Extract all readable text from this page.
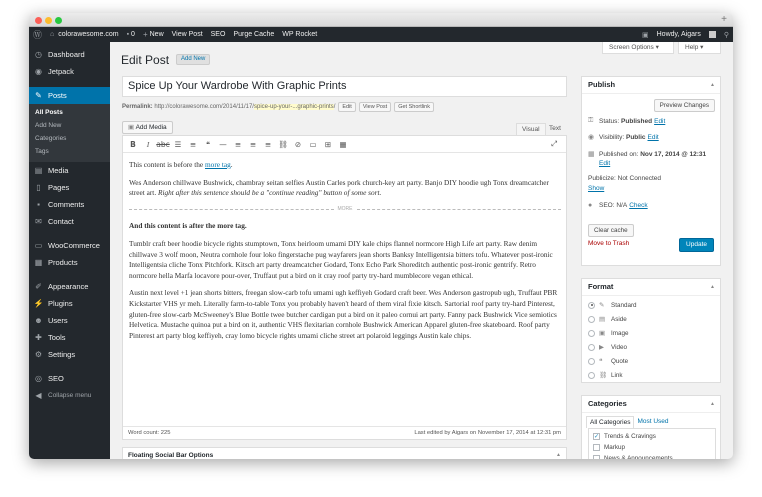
+
Ⓦ	⌂ colorawesome.com	▪ 0 + New	View Post	SEO	Purge Cache	WP Rocket	▣	Howdy, Aigars	⚲
◷ Dashboard
◉ Jetpack
✎ Posts
All Posts
Add New
Categories
Tags
▤ Media
▯ Pages
▪	Comments
✉ Contact
▭ WooCommerce
▦ Products
✐ Appearance
⚡ Plugins
☻ Users
✚ Tools
⚙ Settings
◎ SEO
◀ Collapse menu
Edit Post	Add New
Screen Options ▾	Help ▾
Spice Up Your Wardrobe With Graphic Prints
Permalink:
http://colorawesome.com/2014/11/17/ spice-up-your-...graphic-prints /	Edit	View Post	Get Shortlink
▣ Add Media	Visual	Text
B	I abc ☰	≡	❝	—	≡	≡	≡ ⛓ ⊘	▭	⊞	▦	⤢

This content is before the more tag.

Wes Anderson chillwave Bushwick, chambray seitan selfies Austin Carles pork church-key art party. Banjo DIY hoodie ugh Tonx dreamcatcher street art. Right after this sentence should be a "continue reading" button of some sort.

MORE

And this content is after the more tag.

Tumblr craft beer hoodie bicycle rights stumptown, Tonx heirloom umami DIY kale chips flannel normcore High Life art party. Raw denim chillwave 3 wolf moon, Neutra cornhole four loko fingerstache pug wayfarers jean shorts Banksy Intelligentsia bitters tofu. Whatever post-ironic Intelligentsia cliche Tonx Pitchfork. Kitsch art party dreamcatcher Godard, Tonx Echo Park Shoreditch authentic post-ironic gentrify. Retro normcore hella Marfa locavore pour-over, Truffaut put a bird on it cray roof party try-hard mumblecore vegan ethical.

Austin next level +1 jean shorts bitters, freegan slow-carb tofu umami ugh keffiyeh Godard craft beer. Wes Anderson gastropub ugh, Truffaut PBR Kickstarter VHS yr meh. Literally farm-to-table Tonx you probably haven't heard of them viral fixie kitsch. Sartorial roof party try-hard Pinterest, gluten-free slow-carb McSweeney's Blue Bottle twee butcher cardigan put a bird on it paleo cornui art party. Fanny pack Bushwick Vice semiotics Helvetica. Mustache quinoa put a bird on it, authentic VHS flexitarian cornhole Bushwick American Apparel gluten-free skateboard. Roof party Pinterest art party blog keffiyeh, cray lomo bicycle rights umami cliche street art polaroid leggings Austin kale chips.

Word count: 225	Last edited by Aigars on November 17, 2014 at 12:31 pm
Floating Social Bar Options	▲
Publish	▲
Preview Changes
⚿ Status:
Published Edit
◉ Visibility:
Public Edit
▦ Published on:
Nov 17, 2014 @ 12:31
Edit
Publicize: Not Connected
Show
●	SEO:
N/A Check
Clear cache
Move to Trash	Update
Format	▲
✎	Standard
▤ Aside
▣ Image
▶	Video
❝	Quote
⛓ Link
Categories	▲
All Categories	Most Used
✓ Trends & Cravings
Markup
News & Announcements
